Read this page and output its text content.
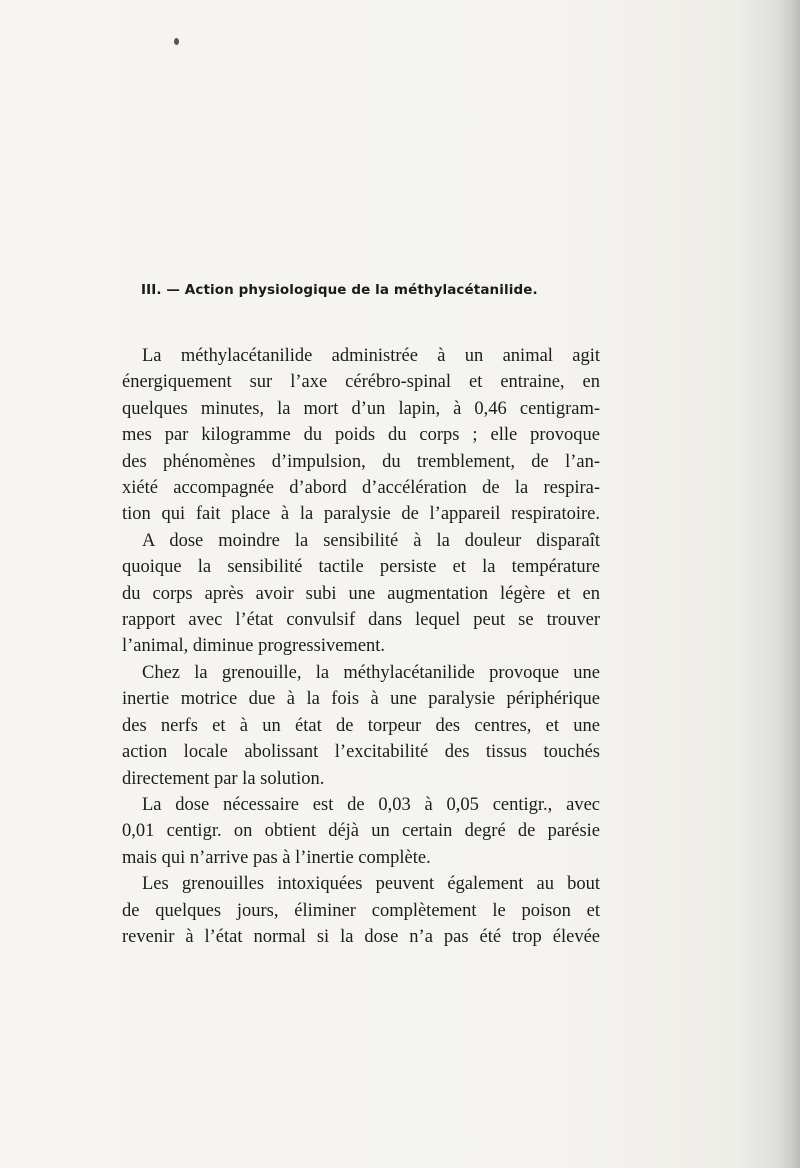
III. — Action physiologique de la méthylacétanilide.
La méthylacétanilide administrée à un animal agit
énergiquement sur l’axe cérébro-spinal et entraine, en
quelques minutes, la mort d’un lapin, à 0,46 centigram-
mes par kilogramme du poids du corps ; elle provoque
des phénomènes d’impulsion, du tremblement, de l’an-
xiété accompagnée d’abord d’accélération de la respira-
tion qui fait place à la paralysie de l’appareil respiratoire.
A dose moindre la sensibilité à la douleur disparaît
quoique la sensibilité tactile persiste et la température
du corps après avoir subi une augmentation légère et en
rapport avec l’état convulsif dans lequel peut se trouver
l’animal, diminue progressivement.
Chez la grenouille, la méthylacétanilide provoque une
inertie motrice due à la fois à une paralysie périphérique
des nerfs et à un état de torpeur des centres, et une
action locale abolissant l’excitabilité des tissus touchés
directement par la solution.
La dose nécessaire est de 0,03 à 0,05 centigr., avec
0,01 centigr. on obtient déjà un certain degré de parésie
mais qui n’arrive pas à l’inertie complète.
Les grenouilles intoxiquées peuvent également au bout
de quelques jours, éliminer complètement le poison et
revenir à l’état normal si la dose n’a pas été trop élevée
